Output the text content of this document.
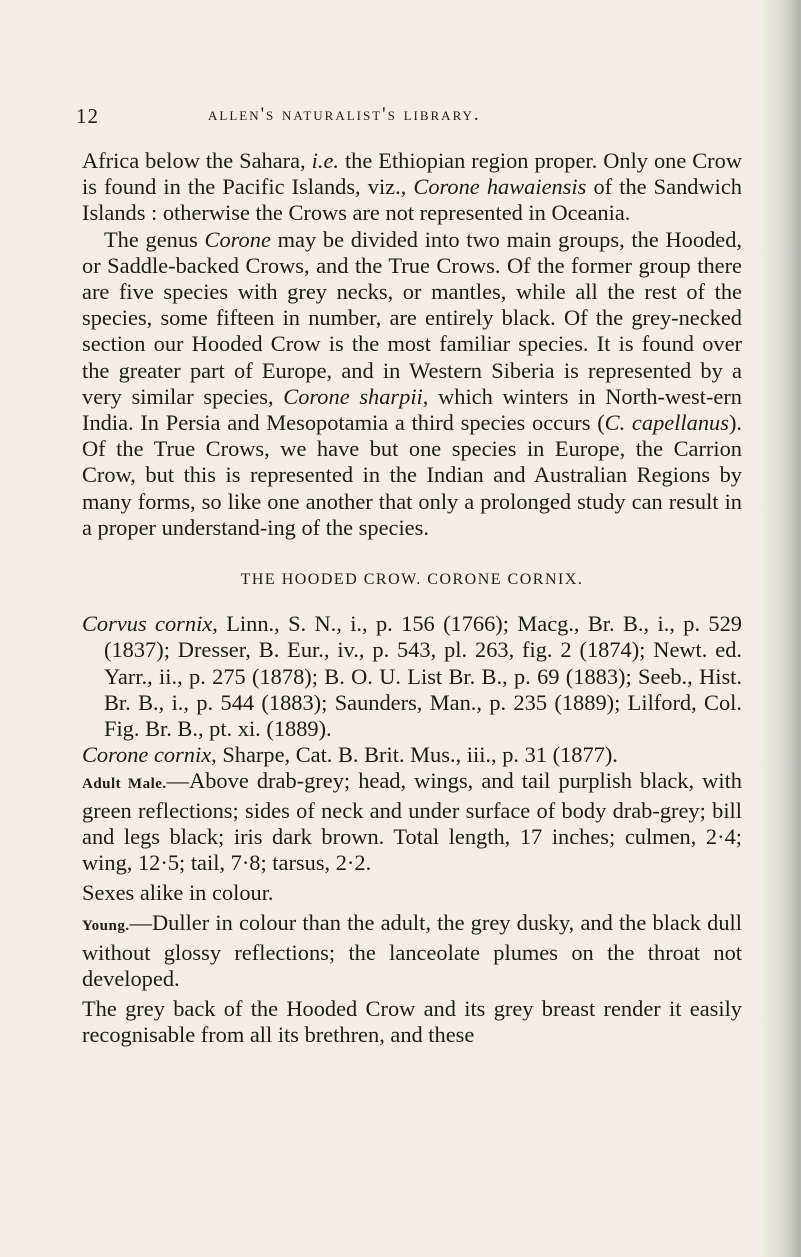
12	allen's naturalist's library.

Africa below the Sahara, i.e. the Ethiopian region proper. Only one Crow is found in the Pacific Islands, viz., Corone hawaiensis of the Sandwich Islands : otherwise the Crows are not represented in Oceania.

The genus Corone may be divided into two main groups, the Hooded, or Saddle-backed Crows, and the True Crows. Of the former group there are five species with grey necks, or mantles, while all the rest of the species, some fifteen in number, are entirely black. Of the grey-necked section our Hooded Crow is the most familiar species. It is found over the greater part of Europe, and in Western Siberia is represented by a very similar species, Corone sharpii, which winters in North-west-ern India. In Persia and Mesopotamia a third species occurs (C. capellanus). Of the True Crows, we have but one species in Europe, the Carrion Crow, but this is represented in the Indian and Australian Regions by many forms, so like one another that only a prolonged study can result in a proper understand-ing of the species.

THE HOODED CROW. CORONE CORNIX.

Corvus cornix, Linn., S. N., i., p. 156 (1766); Macg., Br. B., i., p. 529 (1837); Dresser, B. Eur., iv., p. 543, pl. 263, fig. 2 (1874); Newt. ed. Yarr., ii., p. 275 (1878); B. O. U. List Br. B., p. 69 (1883); Seeb., Hist. Br. B., i., p. 544 (1883); Saunders, Man., p. 235 (1889); Lilford, Col. Fig. Br. B., pt. xi. (1889).

Corone cornix, Sharpe, Cat. B. Brit. Mus., iii., p. 31 (1877).

Adult Male.—Above drab-grey; head, wings, and tail purplish black, with green reflections; sides of neck and under surface of body drab-grey; bill and legs black; iris dark brown. Total length, 17 inches; culmen, 2·4; wing, 12·5; tail, 7·8; tarsus, 2·2.

Sexes alike in colour.

Young.—Duller in colour than the adult, the grey dusky, and the black dull without glossy reflections; the lanceolate plumes on the throat not developed.

The grey back of the Hooded Crow and its grey breast render it easily recognisable from all its brethren, and these
